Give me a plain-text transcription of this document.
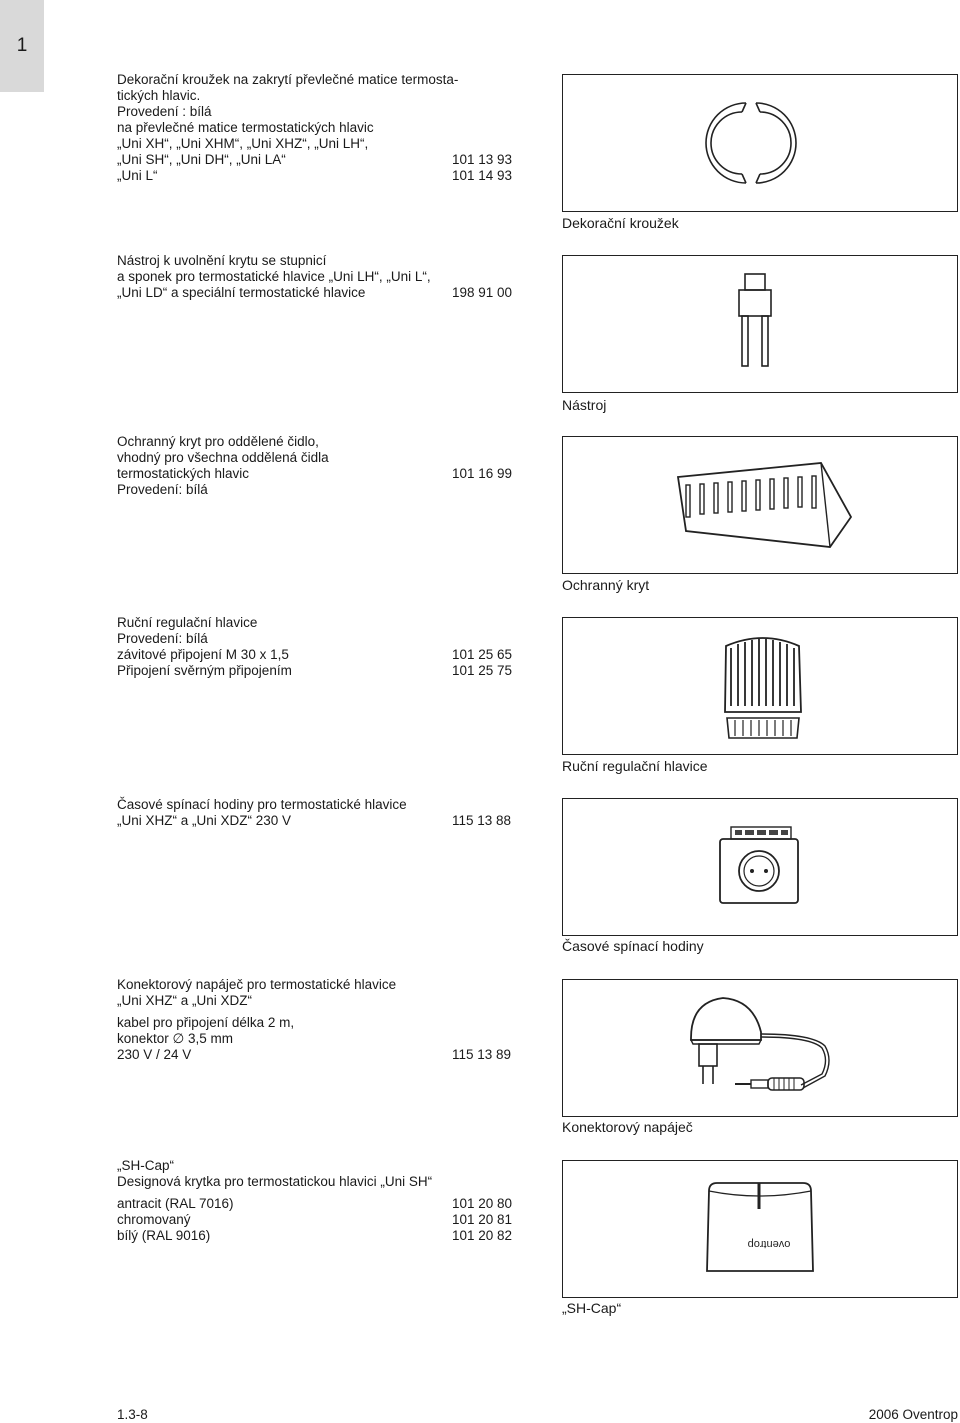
1
Dekorační kroužek na zakrytí převlečné matice termosta-
tických hlavic.
Provedení : bílá
na převlečné matice termostatických hlavic
„Uni XH“, „Uni XHM“, „Uni XHZ“, „Uni LH“,
„Uni SH“, „Uni DH“, „Uni LA“	101 13 93
„Uni L“	101 14 93
Dekorační kroužek
Nástroj k uvolnění krytu se stupnicí
a sponek pro termostatické hlavice „Uni LH“, „Uni L“,
„Uni LD“ a speciální termostatické hlavice	198 91 00
Nástroj
Ochranný kryt pro oddělené čidlo,
vhodný pro všechna oddělená čidla
termostatických hlavic	101 16 99
Provedení: bílá
Ochranný kryt
Ruční regulační hlavice
Provedení: bílá
závitové připojení M 30 x 1,5	101 25 65
Připojení svěrným připojením	101 25 75
Ruční regulační hlavice
Časové spínací hodiny pro termostatické hlavice
„Uni XHZ“ a „Uni XDZ“ 230 V	115 13 88
Časové spínací hodiny
Konektorový napáječ pro termostatické hlavice
„Uni XHZ“ a „Uni XDZ“
kabel pro připojení délka 2 m,
konektor ∅ 3,5 mm
230 V / 24 V	115 13 89
Konektorový napáječ
„SH-Cap“
Designová krytka pro termostatickou hlavici „Uni SH“
antracit (RAL 7016)	101 20 80
chromovaný	101 20 81
bílý (RAL 9016)	101 20 82
oventrop
„SH-Cap“
1.3-8	2006 Oventrop
